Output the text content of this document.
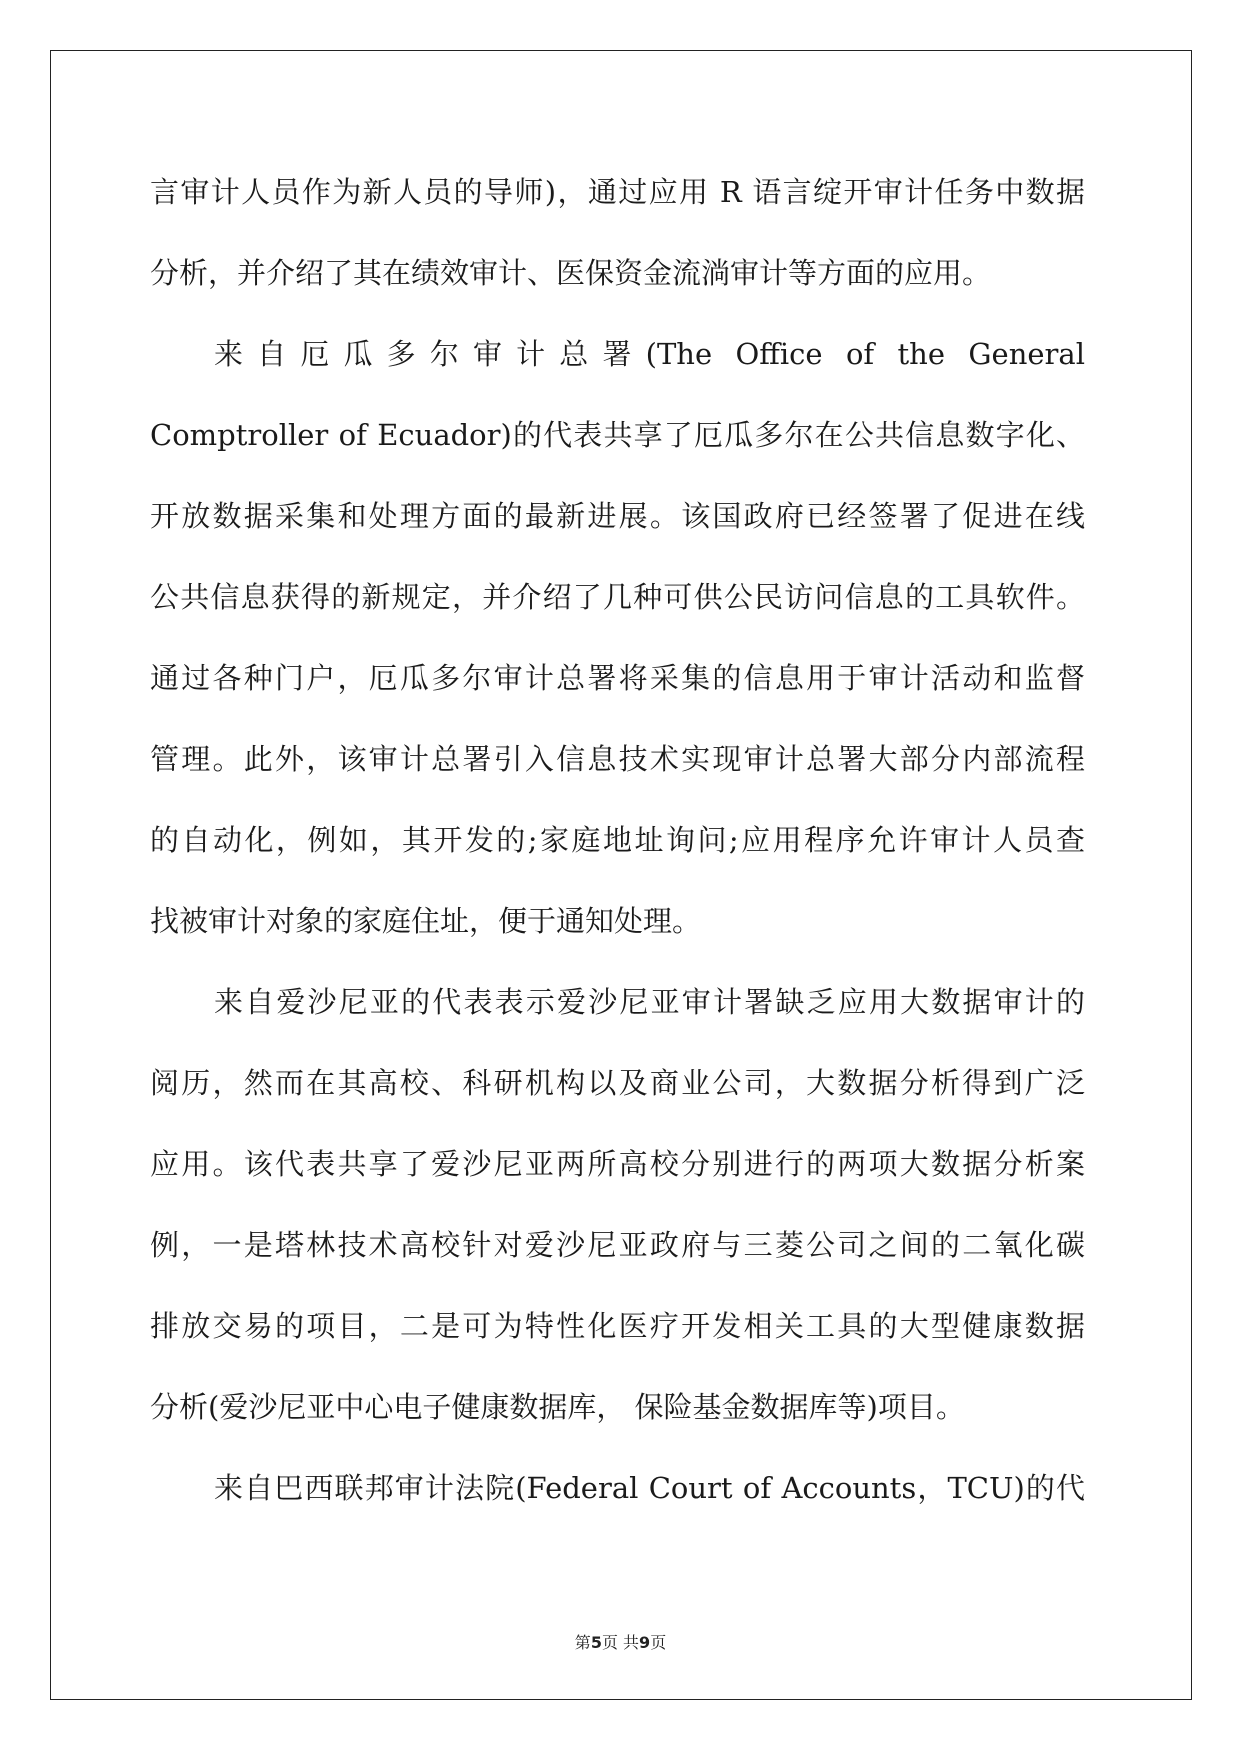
言审计人员作为新人员的导师)，通过应用 R 语言绽开审计任务中数据
分析，并介绍了其在绩效审计、医保资金流淌审计等方面的应用。
来自厄瓜多尔审计总署(The Office of the General
Comptroller of Ecuador)的代表共享了厄瓜多尔在公共信息数字化、
开放数据采集和处理方面的最新进展。该国政府已经签署了促进在线
公共信息获得的新规定，并介绍了几种可供公民访问信息的工具软件。
通过各种门户，厄瓜多尔审计总署将采集的信息用于审计活动和监督
管理。此外，该审计总署引入信息技术实现审计总署大部分内部流程
的自动化，例如，其开发的;家庭地址询问;应用程序允许审计人员查
找被审计对象的家庭住址，便于通知处理。
来自爱沙尼亚的代表表示爱沙尼亚审计署缺乏应用大数据审计的
阅历，然而在其高校、科研机构以及商业公司，大数据分析得到广泛
应用。该代表共享了爱沙尼亚两所高校分别进行的两项大数据分析案
例，一是塔林技术高校针对爱沙尼亚政府与三菱公司之间的二氧化碳
排放交易的项目，二是可为特性化医疗开发相关工具的大型健康数据
分析(爱沙尼亚中心电子健康数据库， 保险基金数据库等)项目。
来自巴西联邦审计法院(Federal Court of Accounts，TCU)的代
第5页 共9页
